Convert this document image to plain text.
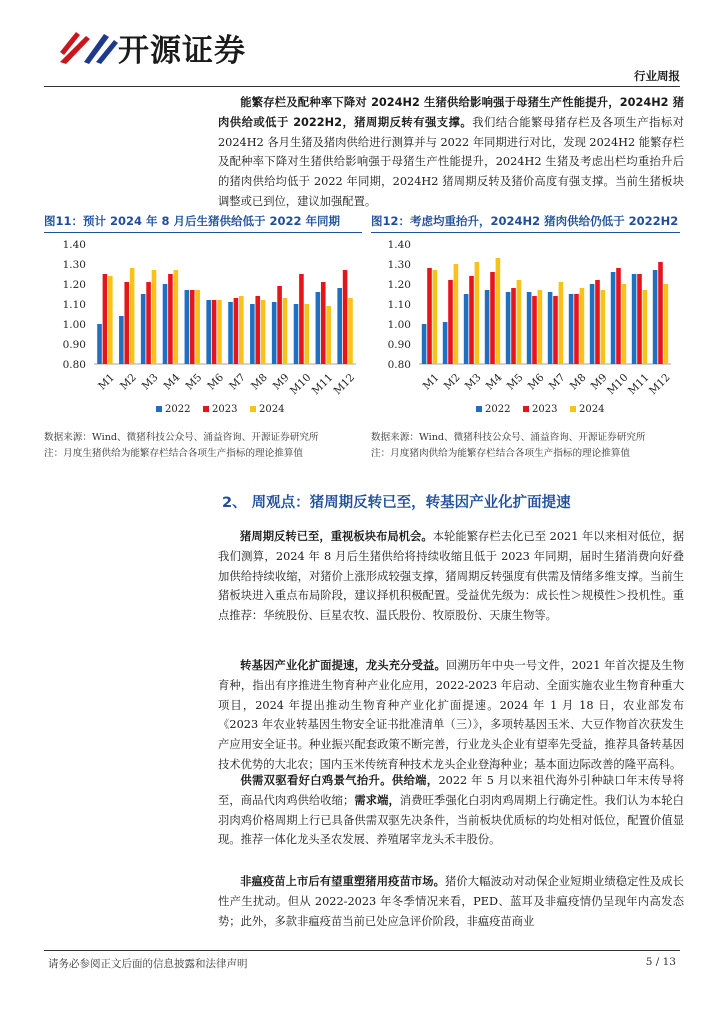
开源证券
行业周报
能繁存栏及配种率下降对 2024H2 生猪供给影响强于母猪生产性能提升，2024H2 猪肉供给或低于 2022H2，猪周期反转有强支撑。我们结合能繁母猪存栏及各项生产指标对 2024H2 各月生猪及猪肉供给进行测算并与 2022 年同期进行对比，发现 2024H2 能繁存栏及配种率下降对生猪供给影响强于母猪生产性能提升，2024H2 生猪及考虑出栏均重抬升后的猪肉供给均低于 2022 年同期，2024H2 猪周期反转及猪价高度有强支撑。当前生猪板块调整或已到位，建议加强配置。
图11：预计 2024 年 8 月后生猪供给低于 2022 年同期
1.40
1.30
1.20
1.10
1.00
0.90
0.80
M1 M2 M3 M4 M5 M6 M7 M8 M9
M10
M11
M12
2022 2023 2024
数据来源：Wind、微猪科技公众号、涌益咨询、开源证券研究所
注：月度生猪供给为能繁存栏结合各项生产指标的理论推算值
图12：考虑均重抬升，2024H2 猪肉供给仍低于 2022H2
1.40
1.30
1.20
1.10
1.00
0.90
0.80
M1 M2 M3 M4 M5 M6 M7 M8 M9
M10
M11
M12
2022 2023 2024
数据来源：Wind、微猪科技公众号、涌益咨询、开源证券研究所
注：月度猪肉供给为能繁存栏结合各项生产指标的理论推算值
2、 周观点：猪周期反转已至，转基因产业化扩面提速
猪周期反转已至，重视板块布局机会。本轮能繁存栏去化已至 2021 年以来相对低位，据我们测算，2024 年 8 月后生猪供给将持续收缩且低于 2023 年同期，届时生猪消费向好叠加供给持续收缩，对猪价上涨形成较强支撑，猪周期反转强度有供需及情绪多维支撑。当前生猪板块进入重点布局阶段，建议择机积极配置。受益优先级为：成长性＞规模性＞投机性。重点推荐：华统股份、巨星农牧、温氏股份、牧原股份、天康生物等。
转基因产业化扩面提速，龙头充分受益。回溯历年中央一号文件，2021 年首次提及生物育种，指出有序推进生物育种产业化应用，2022-2023 年启动、全面实施农业生物育种重大项目，2024 年提出推动生物育种产业化扩面提速。2024 年 1 月 18 日，农业部发布《2023 年农业转基因生物安全证书批准清单（三）》，多项转基因玉米、大豆作物首次获发生产应用安全证书。种业振兴配套政策不断完善，行业龙头企业有望率先受益，推荐具备转基因技术优势的大北农；国内玉米传统育种技术龙头企业登海种业；基本面边际改善的隆平高科。
供需双驱看好白鸡景气抬升。供给端，2022 年 5 月以来祖代海外引种缺口年末传导将至，商品代肉鸡供给收缩；需求端，消费旺季强化白羽肉鸡周期上行确定性。我们认为本轮白羽肉鸡价格周期上行已具备供需双驱先决条件，当前板块优质标的均处相对低位，配置价值显现。推荐一体化龙头圣农发展、养殖屠宰龙头禾丰股份。
非瘟疫苗上市后有望重塑猪用疫苗市场。猪价大幅波动对动保企业短期业绩稳定性及成长性产生扰动。但从 2022-2023 年冬季情况来看，PED、蓝耳及非瘟疫情仍呈现年内高发态势；此外，多款非瘟疫苗当前已处应急评价阶段，非瘟疫苗商业
请务必参阅正文后面的信息披露和法律声明	5 / 13
